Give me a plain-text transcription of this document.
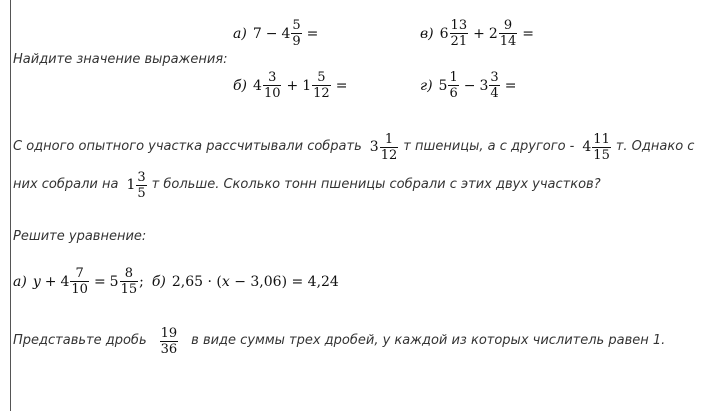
Найдите значение выражения:
а) $7 - 4 \frac{5}{9}$ =	в) $6 \frac{13}{21} + 2 \frac{9}{14}$ =
б) $4 \frac{3}{10} + 1 \frac{5}{12}$ =	г) $5 \frac{1}{6} - 3 \frac{3}{4}$ =
С одного опытного участка рассчитывали собрать $3 \frac{1}{12}$ т пшеницы, а с другого - $4 \frac{11}{15} т$. Однако с
них собрали на $1 \frac{3}{5}$ т больше. Сколько тонн пшеницы собрали с этих двух участков?
Решите уравнение:
а) $y + 4 \frac{7}{10} = 5 \frac{8}{15}$ ; б) 2,65 · ( x − 3,06) = 4,24
Представьте дробь $\frac{19}{36}$ в виде суммы трех дробей, у каждой из которых числитель равен 1.
